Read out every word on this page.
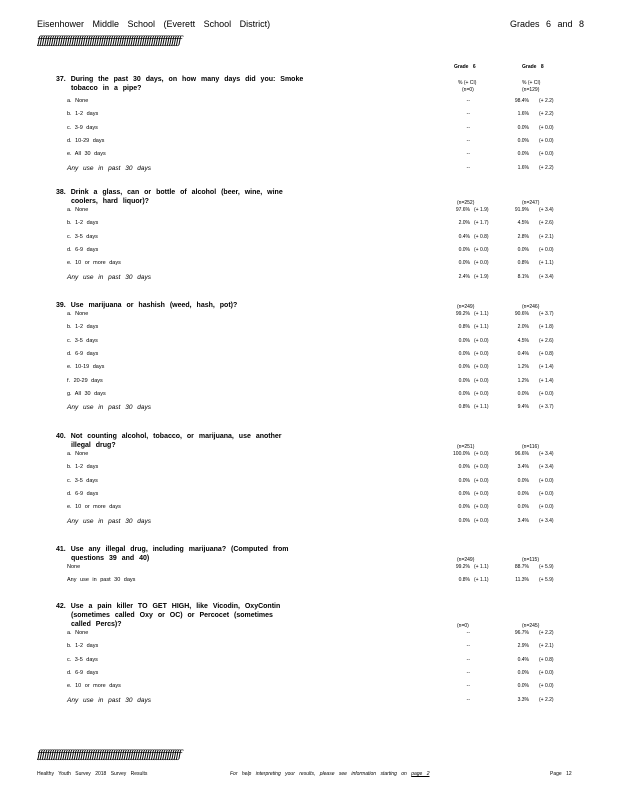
Eisenhower Middle School (Everett School District)	Grades 6 and 8
ƒƒƒƒƒƒƒƒƒƒƒƒƒƒƒƒƒƒƒƒƒƒƒƒƒƒƒƒƒƒƒƒƒƒƒƒƒƒƒƒƒƒƒƒƒƒƒƒƒƒƒƒƒƒƒƒƒƒƒƒƒƒƒ
Grade 6	Grade 8
37. During the past 30 days, on how many days did you: Smoke
tobacco in a pipe?
% (+ CI)	% (+ CI)
(n=0)	(n=129)
a. None	--	98.4% (+ 2.2)
b. 1-2 days	--	1.6% (+ 2.2)
c. 3-9 days	--	0.0% (+ 0.0)
d. 10-29 days	--	0.0% (+ 0.0)
e. All 30 days	--	0.0% (+ 0.0)
Any use in past 30 days	--	1.6% (+ 2.2)
38. Drink a glass, can or bottle of alcohol (beer, wine, wine
coolers, hard liquor)?	(n=252)	(n=247)
a. None	97.6% (+ 1.9)	91.9% (+ 3.4)
b. 1-2 days	2.0% (+ 1.7)	4.5% (+ 2.6)
c. 3-5 days	0.4% (+ 0.8)	2.8% (+ 2.1)
d. 6-9 days	0.0% (+ 0.0)	0.0% (+ 0.0)
e. 10 or more days	0.0% (+ 0.0)	0.8% (+ 1.1)
Any use in past 30 days	2.4% (+ 1.9)	8.1% (+ 3.4)
39. Use marijuana or hashish (weed, hash, pot)?	(n=249)	(n=246)
a. None	99.2% (+ 1.1)	90.6% (+ 3.7)
b. 1-2 days	0.8% (+ 1.1)	2.0% (+ 1.8)
c. 3-5 days	0.0% (+ 0.0)	4.5% (+ 2.6)
d. 6-9 days	0.0% (+ 0.0)	0.4% (+ 0.8)
e. 10-19 days	0.0% (+ 0.0)	1.2% (+ 1.4)
f. 20-29 days	0.0% (+ 0.0)	1.2% (+ 1.4)
g. All 30 days	0.0% (+ 0.0)	0.0% (+ 0.0)
Any use in past 30 days	0.8% (+ 1.1)	9.4% (+ 3.7)
40. Not counting alcohol, tobacco, or marijuana, use another
illegal drug?	(n=251)	(n=116)
a. None	100.0% (+ 0.0)	96.6% (+ 3.4)
b. 1-2 days	0.0% (+ 0.0)	3.4% (+ 3.4)
c. 3-5 days	0.0% (+ 0.0)	0.0% (+ 0.0)
d. 6-9 days	0.0% (+ 0.0)	0.0% (+ 0.0)
e. 10 or more days	0.0% (+ 0.0)	0.0% (+ 0.0)
Any use in past 30 days	0.0% (+ 0.0)	3.4% (+ 3.4)
41. Use any illegal drug, including marijuana? (Computed from
questions 39 and 40)	(n=249)	(n=115)
None	99.2% (+ 1.1)	88.7% (+ 5.9)
Any use in past 30 days	0.8% (+ 1.1)	11.3% (+ 5.9)
42. Use a pain killer TO GET HIGH, like Vicodin, OxyContin
(sometimes called Oxy or OC) or Percocet (sometimes
called Percs)?	(n=0)	(n=245)
a. None	--	96.7% (+ 2.2)
b. 1-2 days	--	2.9% (+ 2.1)
c. 3-5 days	--	0.4% (+ 0.8)
d. 6-9 days	--	0.0% (+ 0.0)
e. 10 or more days	--	0.0% (+ 0.0)
Any use in past 30 days	--	3.3% (+ 2.2)
ƒƒƒƒƒƒƒƒƒƒƒƒƒƒƒƒƒƒƒƒƒƒƒƒƒƒƒƒƒƒƒƒƒƒƒƒƒƒƒƒƒƒƒƒƒƒƒƒƒƒƒƒƒƒƒƒƒƒƒƒƒƒƒ
Healthy Youth Survey 2018 Survey Results	For help interpreting your results, please see information starting on page 2	Page 12
